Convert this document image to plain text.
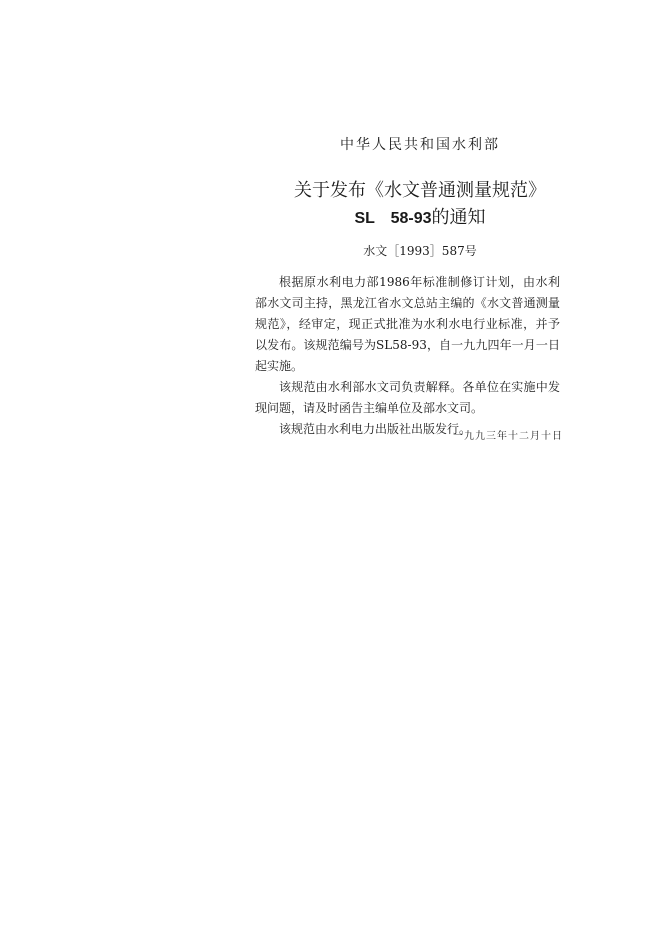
中华人民共和国水利部
关于发布《水文普通测量规范》
SL　58-93的通知
水文［1993］587号

根据原水利电力部1986年标准制修订计划，由水利部水文司主持，黑龙江省水文总站主编的《水文普通测量规范》，经审定，现正式批准为水利水电行业标准，并予以发布。该规范编号为SL58-93，自一九九四年一月一日起实施。

该规范由水利部水文司负责解释。各单位在实施中发现问题，请及时函告主编单位及部水文司。

该规范由水利电力出版社出版发行。

一九九三年十二月十日
